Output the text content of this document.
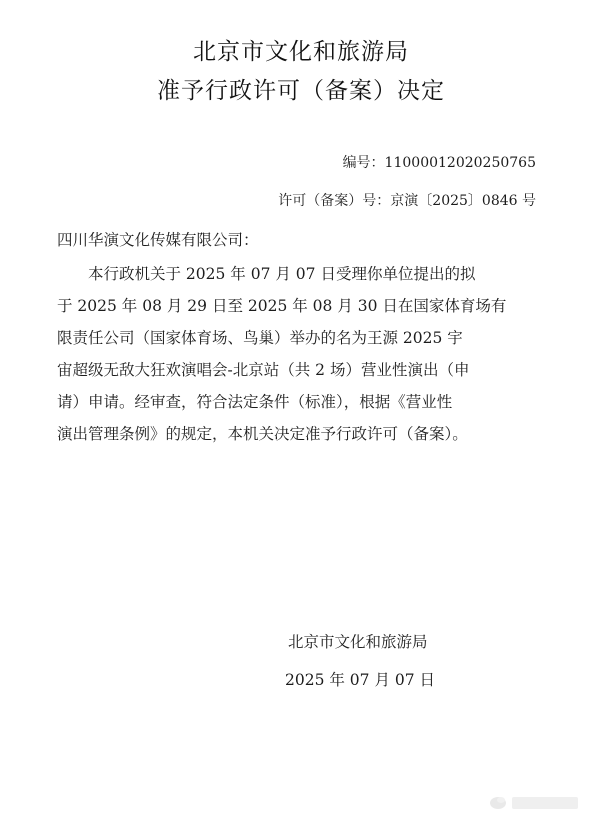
北京市文化和旅游局
准予行政许可（备案）决定
编号：11000012020250765
许可（备案）号：京演〔2025〕0846 号
四川华演文化传媒有限公司：
　　本行政机关于 2025 年 07 月 07 日受理你单位提出的拟
于 2025 年 08 月 29 日至 2025 年 08 月 30 日在国家体育场有
限责任公司（国家体育场、鸟巢）举办的名为王源 2025 宇
宙超级无敌大狂欢演唱会-北京站（共 2 场）营业性演出（申
请）申请。经审查，符合法定条件（标准），根据《营业性
演出管理条例》的规定，本机关决定准予行政许可（备案）。
北京市文化和旅游局
2025 年 07 月 07 日
